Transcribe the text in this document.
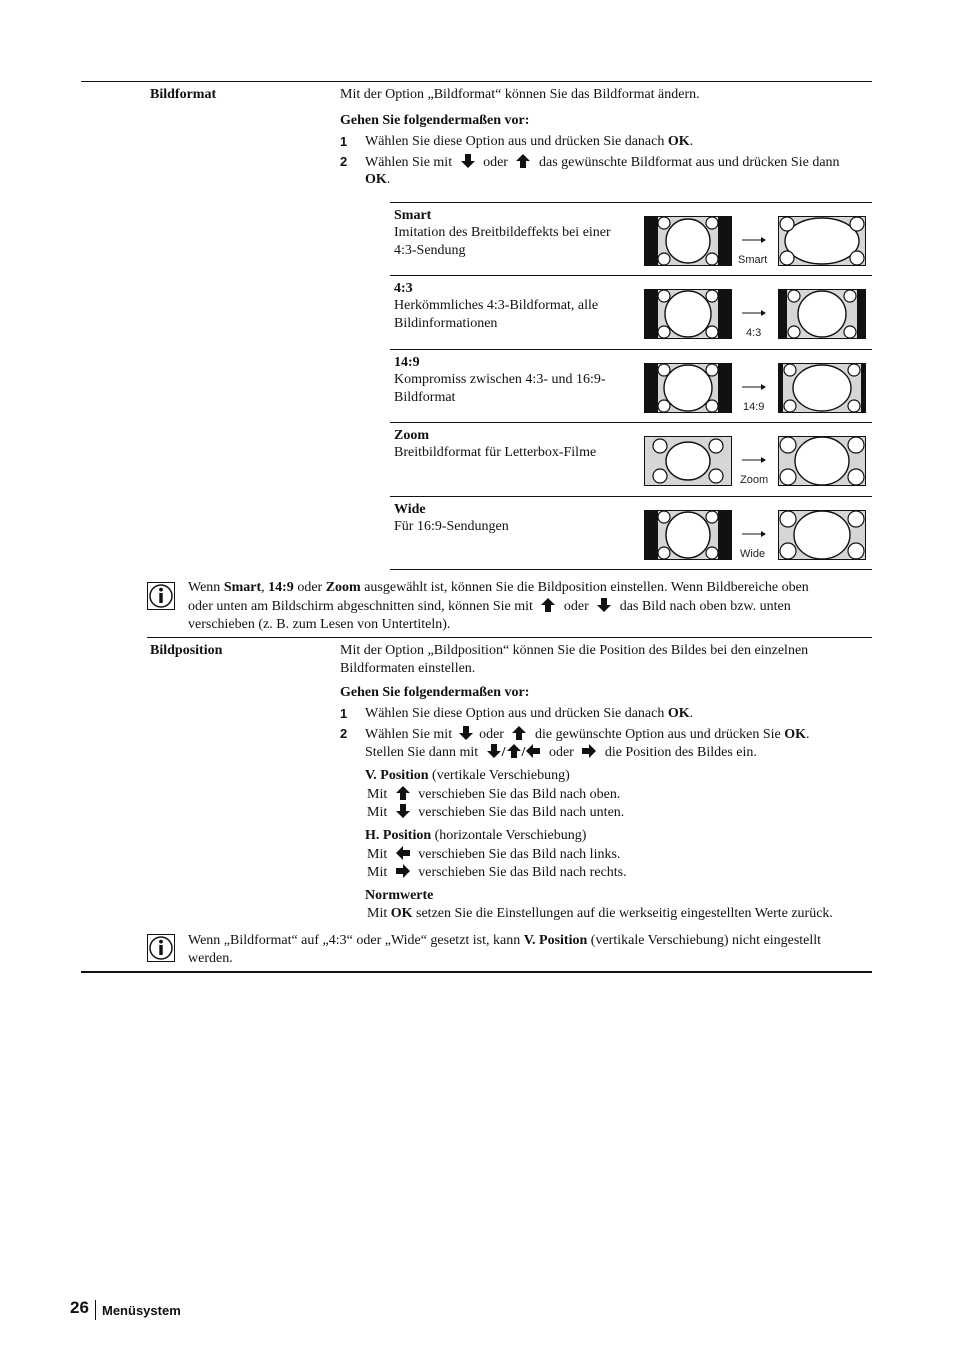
Bildformat	Mit der Option „Bildformat“ können Sie das Bildformat ändern.
Gehen Sie folgendermaßen vor:
1 Wählen Sie diese Option aus und drücken Sie danach OK.
2 Wählen Sie mit oder das gewünschte Bildformat aus und drücken Sie dann
OK.
Smart
Imitation des Breitbildeffekts bei einer 4:3-Sendung
Smart
4:3
Herkömmliches 4:3-Bildformat, alle Bildinformationen
4:3
14:9
Kompromiss zwischen 4:3- und 16:9-Bildformat
14:9
Zoom
Breitbildformat für Letterbox-Filme
Zoom
Wide
Für 16:9-Sendungen
Wide
Wenn Smart, 14:9 oder Zoom ausgewählt ist, können Sie die Bildposition einstellen. Wenn Bildbereiche oben
oder unten am Bildschirm abgeschnitten sind, können Sie mit oder das Bild nach oben bzw. unten
verschieben (z. B. zum Lesen von Untertiteln).
Bildposition	Mit der Option „Bildposition“ können Sie die Position des Bildes bei den einzelnen
Bildformaten einstellen.
Gehen Sie folgendermaßen vor:
1 Wählen Sie diese Option aus und drücken Sie danach OK.
2 Wählen Sie mit oder die gewünschte Option aus und drücken Sie OK.
Stellen Sie dann mit / / oder die Position des Bildes ein.
V. Position (vertikale Verschiebung)
Mit verschieben Sie das Bild nach oben.
Mit verschieben Sie das Bild nach unten.
H. Position (horizontale Verschiebung)
Mit verschieben Sie das Bild nach links.
Mit verschieben Sie das Bild nach rechts.
Normwerte
Mit OK setzen Sie die Einstellungen auf die werkseitig eingestellten Werte zurück.
Wenn „Bildformat“ auf „4:3“ oder „Wide“ gesetzt ist, kann V. Position (vertikale Verschiebung) nicht eingestellt
werden.
26 Menüsystem
